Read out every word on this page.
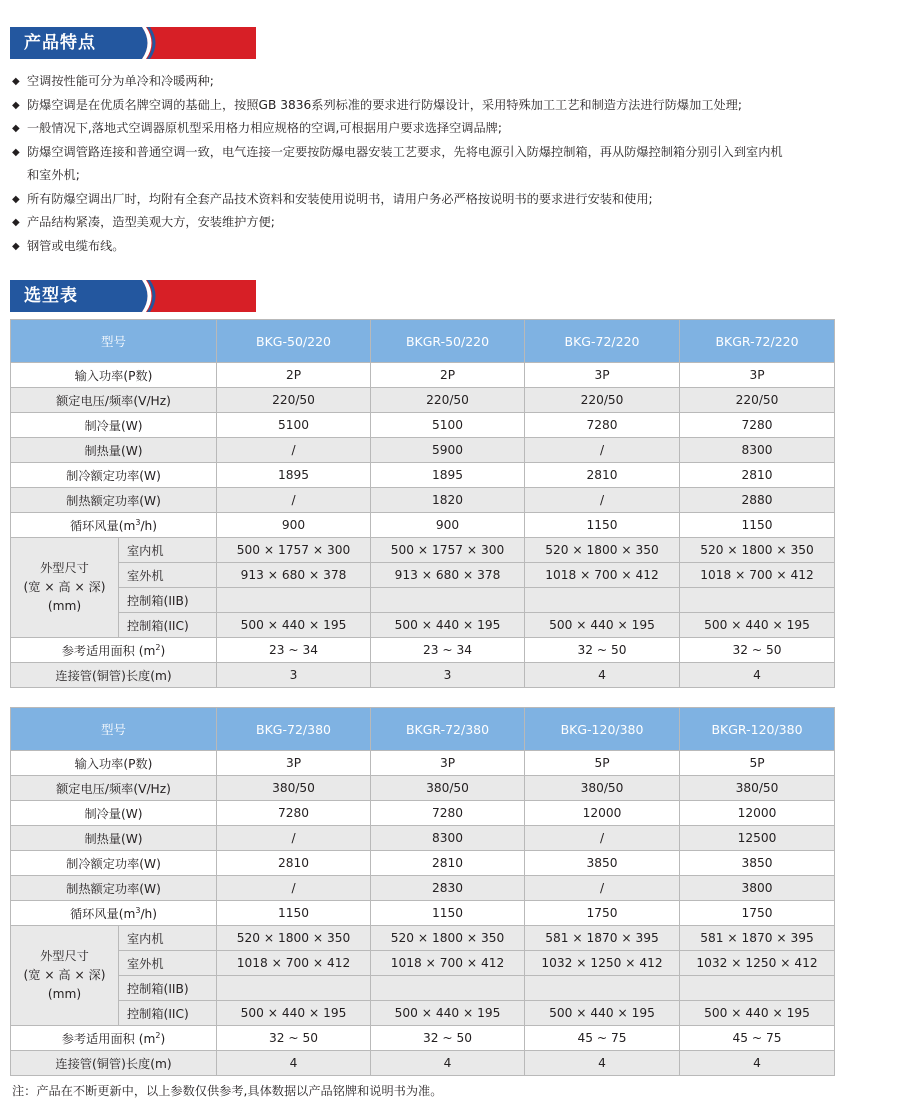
产品特点
◆ 空调按性能可分为单冷和冷暖两种;
◆ 防爆空调是在优质名牌空调的基础上，按照GB 3836系列标准的要求进行防爆设计，采用特殊加工工艺和制造方法进行防爆加工处理;
◆ 一般情况下,落地式空调器原机型采用格力相应规格的空调,可根据用户要求选择空调品牌;
◆ 防爆空调管路连接和普通空调一致，电气连接一定要按防爆电器安装工艺要求，先将电源引入防爆控制箱，再从防爆控制箱分别引入到室内机
和室外机;
◆ 所有防爆空调出厂时，均附有全套产品技术资料和安装使用说明书，请用户务必严格按说明书的要求进行安装和使用;
◆ 产品结构紧凑，造型美观大方，安装维护方便;
◆ 钢管或电缆布线。
选型表
型号		BKG-50/220	BKGR-50/220	BKG-72/220	BKGR-72/220
输入功率(P数)		2P	2P	3P	3P
额定电压/频率(V/Hz)		220/50	220/50	220/50	220/50
制冷量(W)		5100	5100	7280	7280
制热量(W)		/	5900	/	8300
制冷额定功率(W)		1895	1895	2810	2810
制热额定功率(W)		/	1820	/	2880
循环风量$(m^3/h)$		900	900	1150	1150
外型尺寸
(宽 × 高 × 深)
(mm)	室内机	500 × 1757 × 300	500 × 1757 × 300	520 × 1800 × 350	520 × 1800 × 350
	室外机	913 × 680 × 378	913 × 680 × 378	1018 × 700 × 412	1018 × 700 × 412
	控制箱(IIB)				
	控制箱(IIC)	500 × 440 × 195	500 × 440 × 195	500 × 440 × 195	500 × 440 × 195
参考适用面积 $(m^2)$		23 ~ 34	23 ~ 34	32 ~ 50	32 ~ 50
连接管(铜管)长度(m)		3	3	4	4
型号		BKG-72/380	BKGR-72/380	BKG-120/380	BKGR-120/380
输入功率(P数)		3P	3P	5P	5P
额定电压/频率(V/Hz)		380/50	380/50	380/50	380/50
制冷量(W)		7280	7280	12000	12000
制热量(W)		/	8300	/	12500
制冷额定功率(W)		2810	2810	3850	3850
制热额定功率(W)		/	2830	/	3800
循环风量$(m^3/h)$		1150	1150	1750	1750
外型尺寸
(宽 × 高 × 深)
(mm)	室内机	520 × 1800 × 350	520 × 1800 × 350	581 × 1870 × 395	581 × 1870 × 395
	室外机	1018 × 700 × 412	1018 × 700 × 412	1032 × 1250 × 412	1032 × 1250 × 412
	控制箱(IIB)				
	控制箱(IIC)	500 × 440 × 195	500 × 440 × 195	500 × 440 × 195	500 × 440 × 195
参考适用面积 $(m^2)$		32 ~ 50	32 ~ 50	45 ~ 75	45 ~ 75
连接管(铜管)长度(m)		4	4	4	4
注：产品在不断更新中，以上参数仅供参考,具体数据以产品铭牌和说明书为准。
